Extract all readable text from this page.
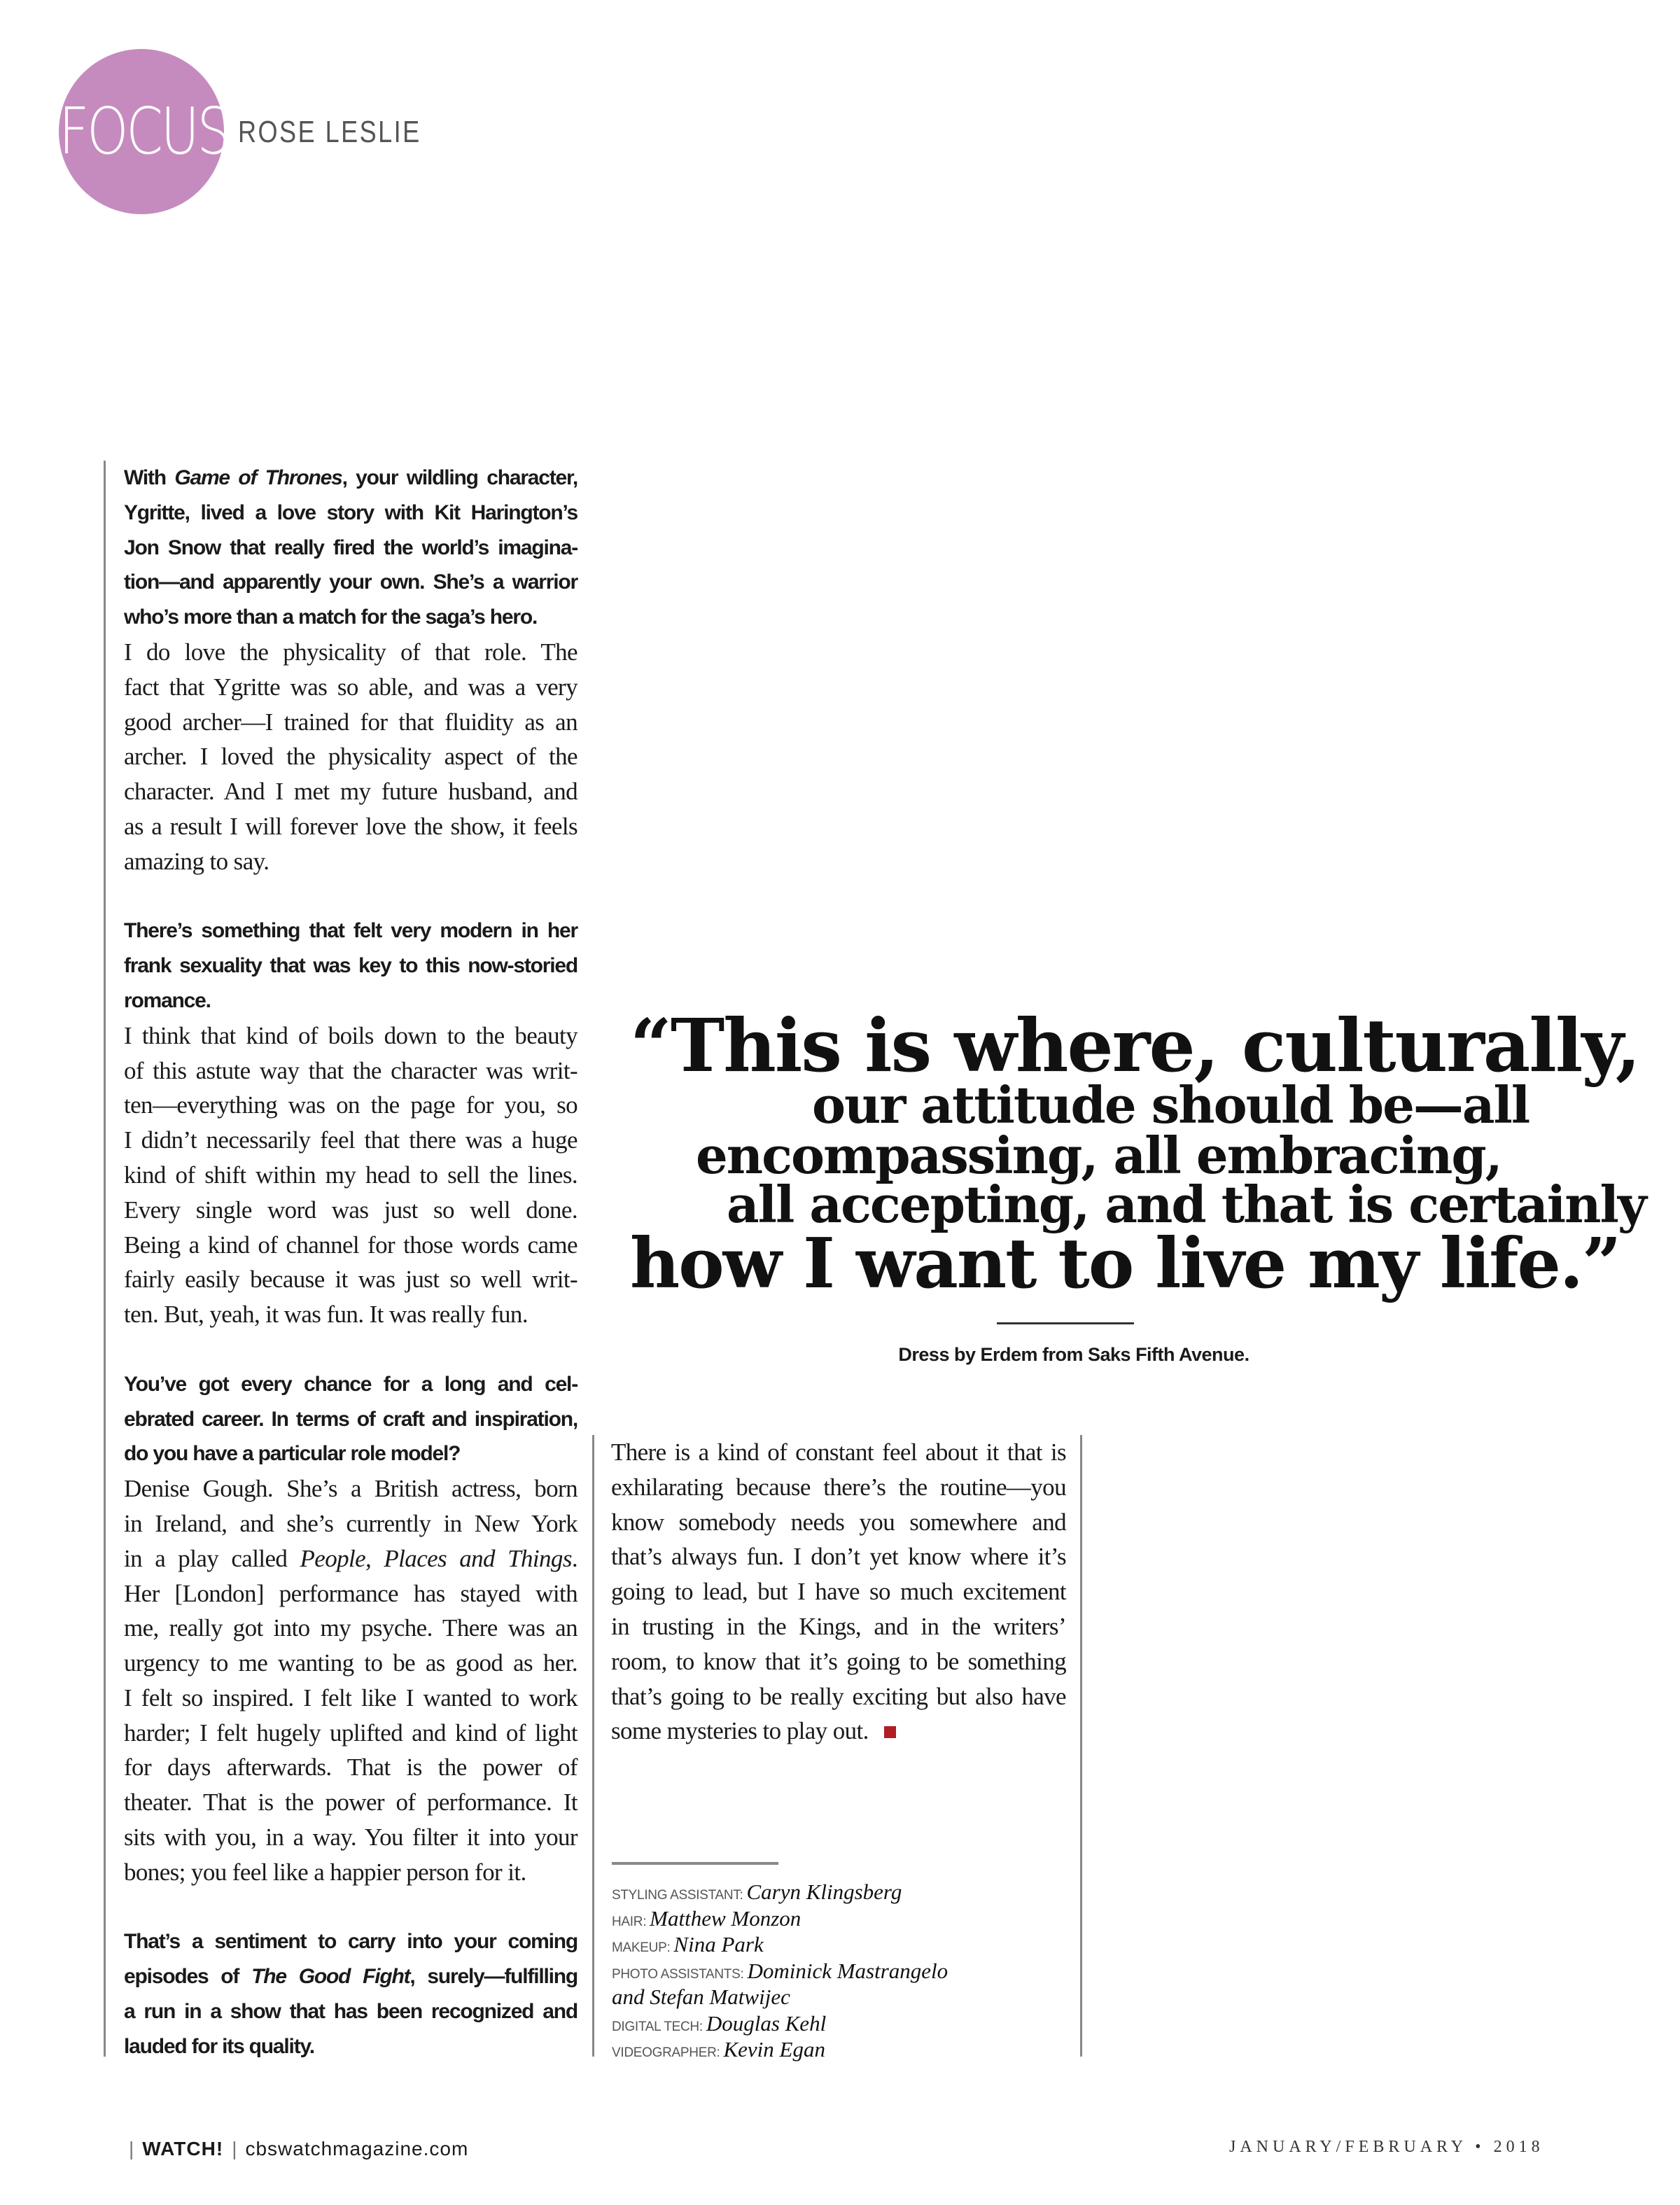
FOCUS ROSE LESLIE
With Game of Thrones, your wildling character,
Ygritte, lived a love story with Kit Harington’s
Jon Snow that really fired the world’s imagina-
tion—and apparently your own. She’s a warrior
who’s more than a match for the saga’s hero.
I do love the physicality of that role. The
fact that Ygritte was so able, and was a very
good archer—I trained for that fluidity as an
archer. I loved the physicality aspect of the
character. And I met my future husband, and
as a result I will forever love the show, it feels
amazing to say.
There’s something that felt very modern in her
frank sexuality that was key to this now-storied
romance.
I think that kind of boils down to the beauty
of this astute way that the character was writ-
ten—everything was on the page for you, so
I didn’t necessarily feel that there was a huge
kind of shift within my head to sell the lines.
Every single word was just so well done.
Being a kind of channel for those words came
fairly easily because it was just so well writ-
ten. But, yeah, it was fun. It was really fun.
You’ve got every chance for a long and cel-
ebrated career. In terms of craft and inspiration,
do you have a particular role model?
Denise Gough. She’s a British actress, born
in Ireland, and she’s currently in New York
in a play called People, Places and Things.
Her [London] performance has stayed with
me, really got into my psyche. There was an
urgency to me wanting to be as good as her.
I felt so inspired. I felt like I wanted to work
harder; I felt hugely uplifted and kind of light
for days afterwards. That is the power of
theater. That is the power of performance. It
sits with you, in a way. You filter it into your
bones; you feel like a happier person for it.
That’s a sentiment to carry into your coming
episodes of The Good Fight, surely—fulfilling
a run in a show that has been recognized and
lauded for its quality.
There is a kind of constant feel about it that is
exhilarating because there’s the routine—you
know somebody needs you somewhere and
that’s always fun. I don’t yet know where it’s
going to lead, but I have so much excitement
in trusting in the Kings, and in the writers’
room, to know that it’s going to be something
that’s going to be really exciting but also have
some mysteries to play out.
“This is where, culturally,
our attitude should be—all
encompassing, all embracing,
all accepting, and that is certainly
how I want to live my life.”
Dress by Erdem from Saks Fifth Avenue.
STYLING ASSISTANT: Caryn Klingsberg
HAIR: Matthew Monzon
MAKEUP: Nina Park
PHOTO ASSISTANTS: Dominick Mastrangelo
and Stefan Matwijec
DIGITAL TECH: Douglas Kehl
VIDEOGRAPHER: Kevin Egan
| WATCH! | cbswatchmagazine.com	JANUARY/FEBRUARY • 2018
